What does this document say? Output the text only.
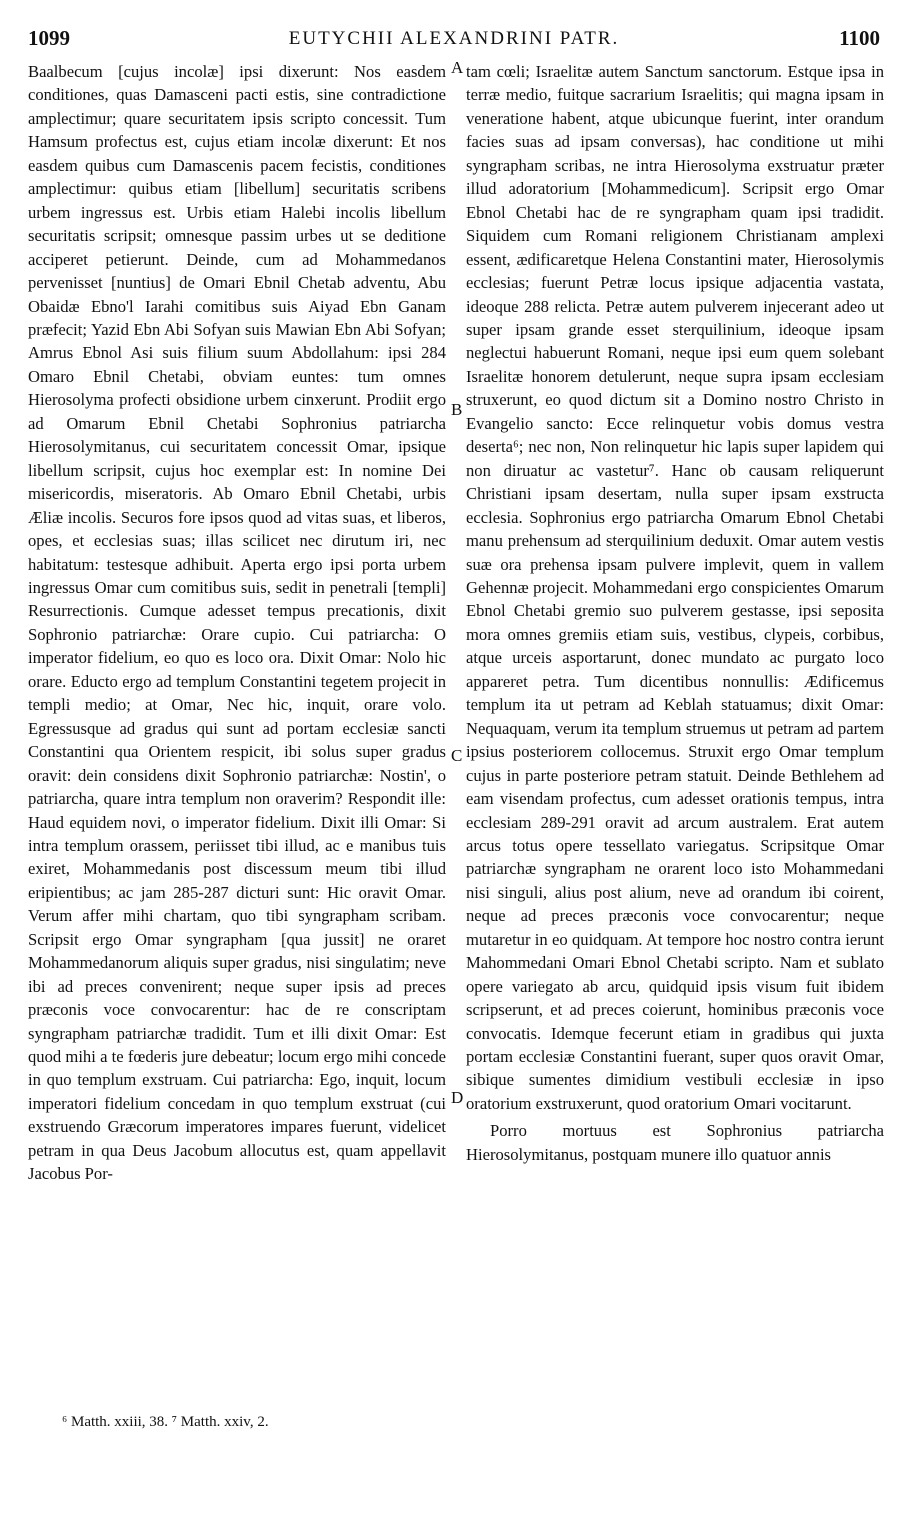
1099	EUTYCHII ALEXANDRINI PATR.	1100

Baalbecum [cujus incolæ] ipsi dixerunt: Nos easdem conditiones, quas Damasceni pacti estis, sine contradictione amplectimur; quare securitatem ipsis scripto concessit. Tum Hamsum profectus est, cujus etiam incolæ dixerunt: Et nos easdem quibus cum Damascenis pacem fecistis, conditiones amplectimur: quibus etiam [libellum] securitatis scribens urbem ingressus est. Urbis etiam Halebi incolis libellum securitatis scripsit; omnesque passim urbes ut se deditione acciperet petierunt. Deinde, cum ad Mohammedanos pervenisset [nuntius] de Omari Ebnil Chetab adventu, Abu Obaidæ Ebno'l Iarahi comitibus suis Aiyad Ebn Ganam præfecit; Yazid Ebn Abi Sofyan suis Mawian Ebn Abi Sofyan; Amrus Ebnol Asi suis filium suum Abdollahum: ipsi 284 Omaro Ebnil Chetabi, obviam euntes: tum omnes Hierosolyma profecti obsidione urbem cinxerunt. Prodiit ergo ad Omarum Ebnil Chetabi Sophronius patriarcha Hierosolymitanus, cui securitatem concessit Omar, ipsique libellum scripsit, cujus hoc exemplar est: In nomine Dei misericordis, miseratoris. Ab Omaro Ebnil Chetabi, urbis Æliæ incolis. Securos fore ipsos quod ad vitas suas, et liberos, opes, et ecclesias suas; illas scilicet nec dirutum iri, nec habitatum: testesque adhibuit. Aperta ergo ipsi porta urbem ingressus Omar cum comitibus suis, sedit in penetrali [templi] Resurrectionis. Cumque adesset tempus precationis, dixit Sophronio patriarchæ: Orare cupio. Cui patriarcha: O imperator fidelium, eo quo es loco ora. Dixit Omar: Nolo hic orare. Educto ergo ad templum Constantini tegetem projecit in templi medio; at Omar, Nec hic, inquit, orare volo. Egressusque ad gradus qui sunt ad portam ecclesiæ sancti Constantini qua Orientem respicit, ibi solus super gradus oravit: dein considens dixit Sophronio patriarchæ: Nostin', o patriarcha, quare intra templum non oraverim? Respondit ille: Haud equidem novi, o imperator fidelium. Dixit illi Omar: Si intra templum orassem, periisset tibi illud, ac e manibus tuis exiret, Mohammedanis post discessum meum tibi illud eripientibus; ac jam 285-287 dicturi sunt: Hic oravit Omar. Verum affer mihi chartam, quo tibi syngrapham scribam. Scripsit ergo Omar syngrapham [qua jussit] ne oraret Mohammedanorum aliquis super gradus, nisi singulatim; neve ibi ad preces convenirent; neque super ipsis ad preces præconis voce convocarentur: hac de re conscriptam syngrapham patriarchæ tradidit. Tum et illi dixit Omar: Est quod mihi a te fœderis jure debeatur; locum ergo mihi concede in quo templum exstruam. Cui patriarcha: Ego, inquit, locum imperatori fidelium concedam in quo templum exstruat (cui exstruendo Græcorum imperatores impares fuerunt, videlicet petram in qua Deus Jacobum allocutus est, quam appellavit Jacobus Por-

tam cœli; Israelitæ autem Sanctum sanctorum. Estque ipsa in terræ medio, fuitque sacrarium Israelitis; qui magna ipsam in veneratione habent, atque ubicunque fuerint, inter orandum facies suas ad ipsam conversas), hac conditione ut mihi syngrapham scribas, ne intra Hierosolyma exstruatur præter illud adoratorium [Mohammedicum]. Scripsit ergo Omar Ebnol Chetabi hac de re syngrapham quam ipsi tradidit. Siquidem cum Romani religionem Christianam amplexi essent, ædificaretque Helena Constantini mater, Hierosolymis ecclesias; fuerunt Petræ locus ipsique adjacentia vastata, ideoque 288 relicta. Petræ autem pulverem injecerant adeo ut super ipsam grande esset sterquilinium, ideoque ipsam neglectui habuerunt Romani, neque ipsi eum quem solebant Israelitæ honorem detulerunt, neque supra ipsam ecclesiam struxerunt, eo quod dictum sit a Domino nostro Christo in Evangelio sancto: Ecce relinquetur vobis domus vestra deserta⁶; nec non, Non relinquetur hic lapis super lapidem qui non diruatur ac vastetur⁷. Hanc ob causam reliquerunt Christiani ipsam desertam, nulla super ipsam exstructa ecclesia. Sophronius ergo patriarcha Omarum Ebnol Chetabi manu prehensum ad sterquilinium deduxit. Omar autem vestis suæ ora prehensa ipsam pulvere implevit, quem in vallem Gehennæ projecit. Mohammedani ergo conspicientes Omarum Ebnol Chetabi gremio suo pulverem gestasse, ipsi seposita mora omnes gremiis etiam suis, vestibus, clypeis, corbibus, atque urceis asportarunt, donec mundato ac purgato loco appareret petra. Tum dicentibus nonnullis: Ædificemus templum ita ut petram ad Keblah statuamus; dixit Omar: Nequaquam, verum ita templum struemus ut petram ad partem ipsius posteriorem collocemus. Struxit ergo Omar templum cujus in parte posteriore petram statuit. Deinde Bethlehem ad eam visendam profectus, cum adesset orationis tempus, intra ecclesiam 289-291 oravit ad arcum australem. Erat autem arcus totus opere tessellato variegatus. Scripsitque Omar patriarchæ syngrapham ne orarent loco isto Mohammedani nisi singuli, alius post alium, neve ad orandum ibi coirent, neque ad preces præconis voce convocarentur; neque mutaretur in eo quidquam. At tempore hoc nostro contra ierunt Mahommedani Omari Ebnol Chetabi scripto. Nam et sublato opere variegato ab arcu, quidquid ipsis visum fuit ibidem scripserunt, et ad preces coierunt, hominibus præconis voce convocatis. Idemque fecerunt etiam in gradibus qui juxta portam ecclesiæ Constantini fuerant, super quos oravit Omar, sibique sumentes dimidium vestibuli ecclesiæ in ipso oratorium exstruxerunt, quod oratorium Omari vocitarunt.

Porro mortuus est Sophronius patriarcha Hierosolymitanus, postquam munere illo quatuor annis

A
B
C
D
⁶ Matth. xxiii, 38. ⁷ Matth. xxiv, 2.
